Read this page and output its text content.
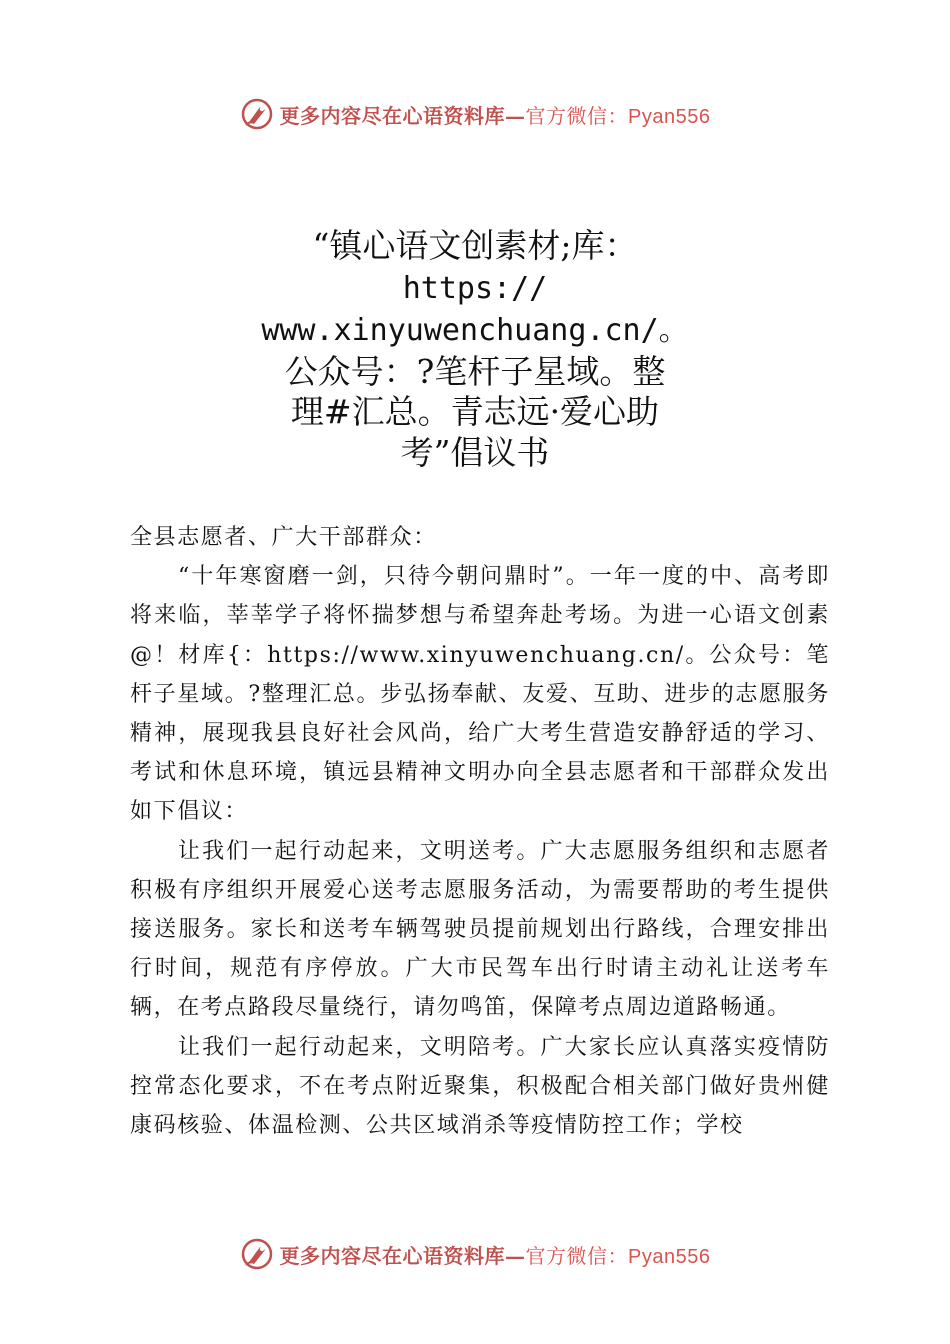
更多内容尽在心语资料库—官方微信：Pyan556
“镇心语文创素材;库：
https://
www.xinyuwenchuang.cn/。
公众号：?笔杆子星域。整
理#汇总。青志远·爱心助
考”倡议书

全县志愿者、广大干部群众：

“十年寒窗磨一剑，只待今朝问鼎时”。一年一度的中、高考即将来临，莘莘学子将怀揣梦想与希望奔赴考场。为进一心语文创素@！材库{：https://www.xinyuwenchuang.cn/。公众号：笔杆子星域。?整理汇总。步弘扬奉献、友爱、互助、进步的志愿服务精神，展现我县良好社会风尚，给广大考生营造安静舒适的学习、考试和休息环境，镇远县精神文明办向全县志愿者和干部群众发出如下倡议：

让我们一起行动起来，文明送考。广大志愿服务组织和志愿者积极有序组织开展爱心送考志愿服务活动，为需要帮助的考生提供接送服务。家长和送考车辆驾驶员提前规划出行路线，合理安排出行时间，规范有序停放。广大市民驾车出行时请主动礼让送考车辆，在考点路段尽量绕行，请勿鸣笛，保障考点周边道路畅通。

让我们一起行动起来，文明陪考。广大家长应认真落实疫情防控常态化要求，不在考点附近聚集，积极配合相关部门做好贵州健康码核验、体温检测、公共区域消杀等疫情防控工作；学校

更多内容尽在心语资料库—官方微信：Pyan556
